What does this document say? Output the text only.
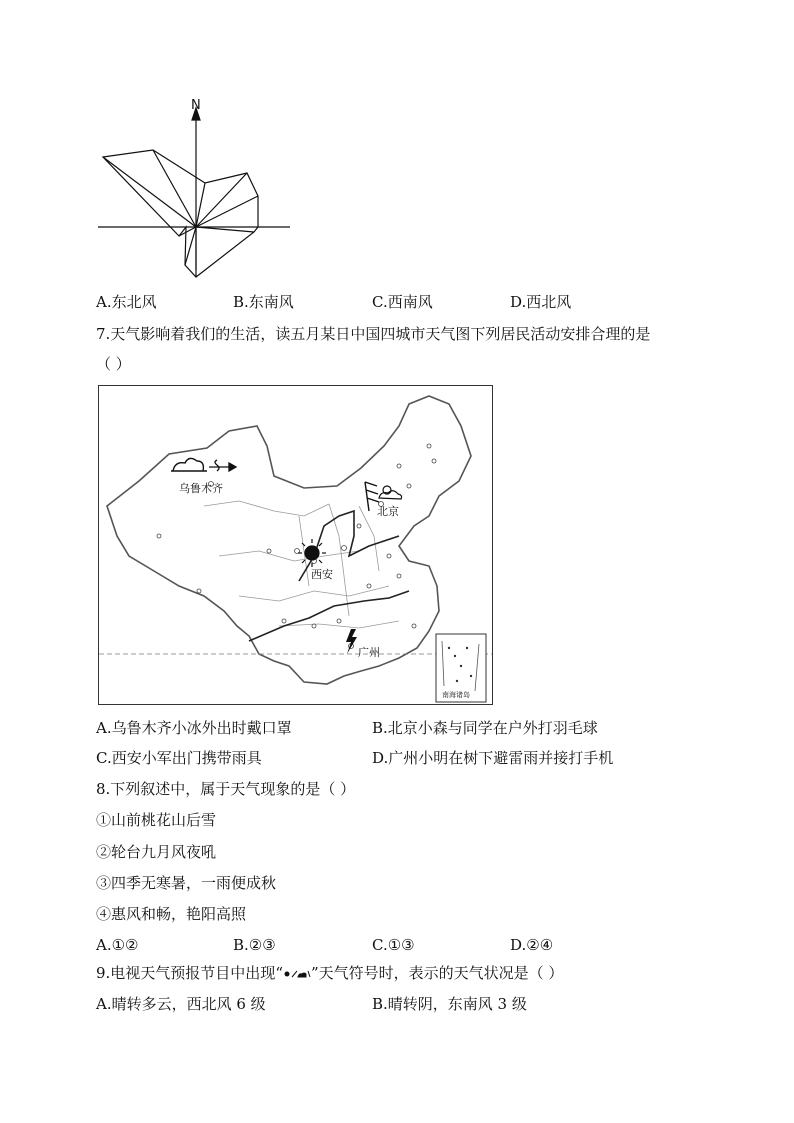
N
A.东北风	B.东南风	C.西南风	D.西北风
7.天气影响着我们的生活，读五月某日中国四城市天气图下列居民活动安排合理的是
（ ）
乌鲁木齐
北京
西安
广州
南海诸岛
A.乌鲁木齐小冰外出时戴口罩	B.北京小森与同学在户外打羽毛球
C.西安小军出门携带雨具	D.广州小明在树下避雷雨并接打手机
8.下列叙述中，属于天气现象的是（ ）
①山前桃花山后雪
②轮台九月风夜吼
③四季无寒暑，一雨便成秋
④惠风和畅，艳阳高照
A.①②	B.②③	C.①③	D.②④
9.电视天气预报节目中出现“ ”天气符号时，表示的天气状况是（ ）
A.晴转多云，西北风 6 级	B.晴转阴，东南风 3 级
